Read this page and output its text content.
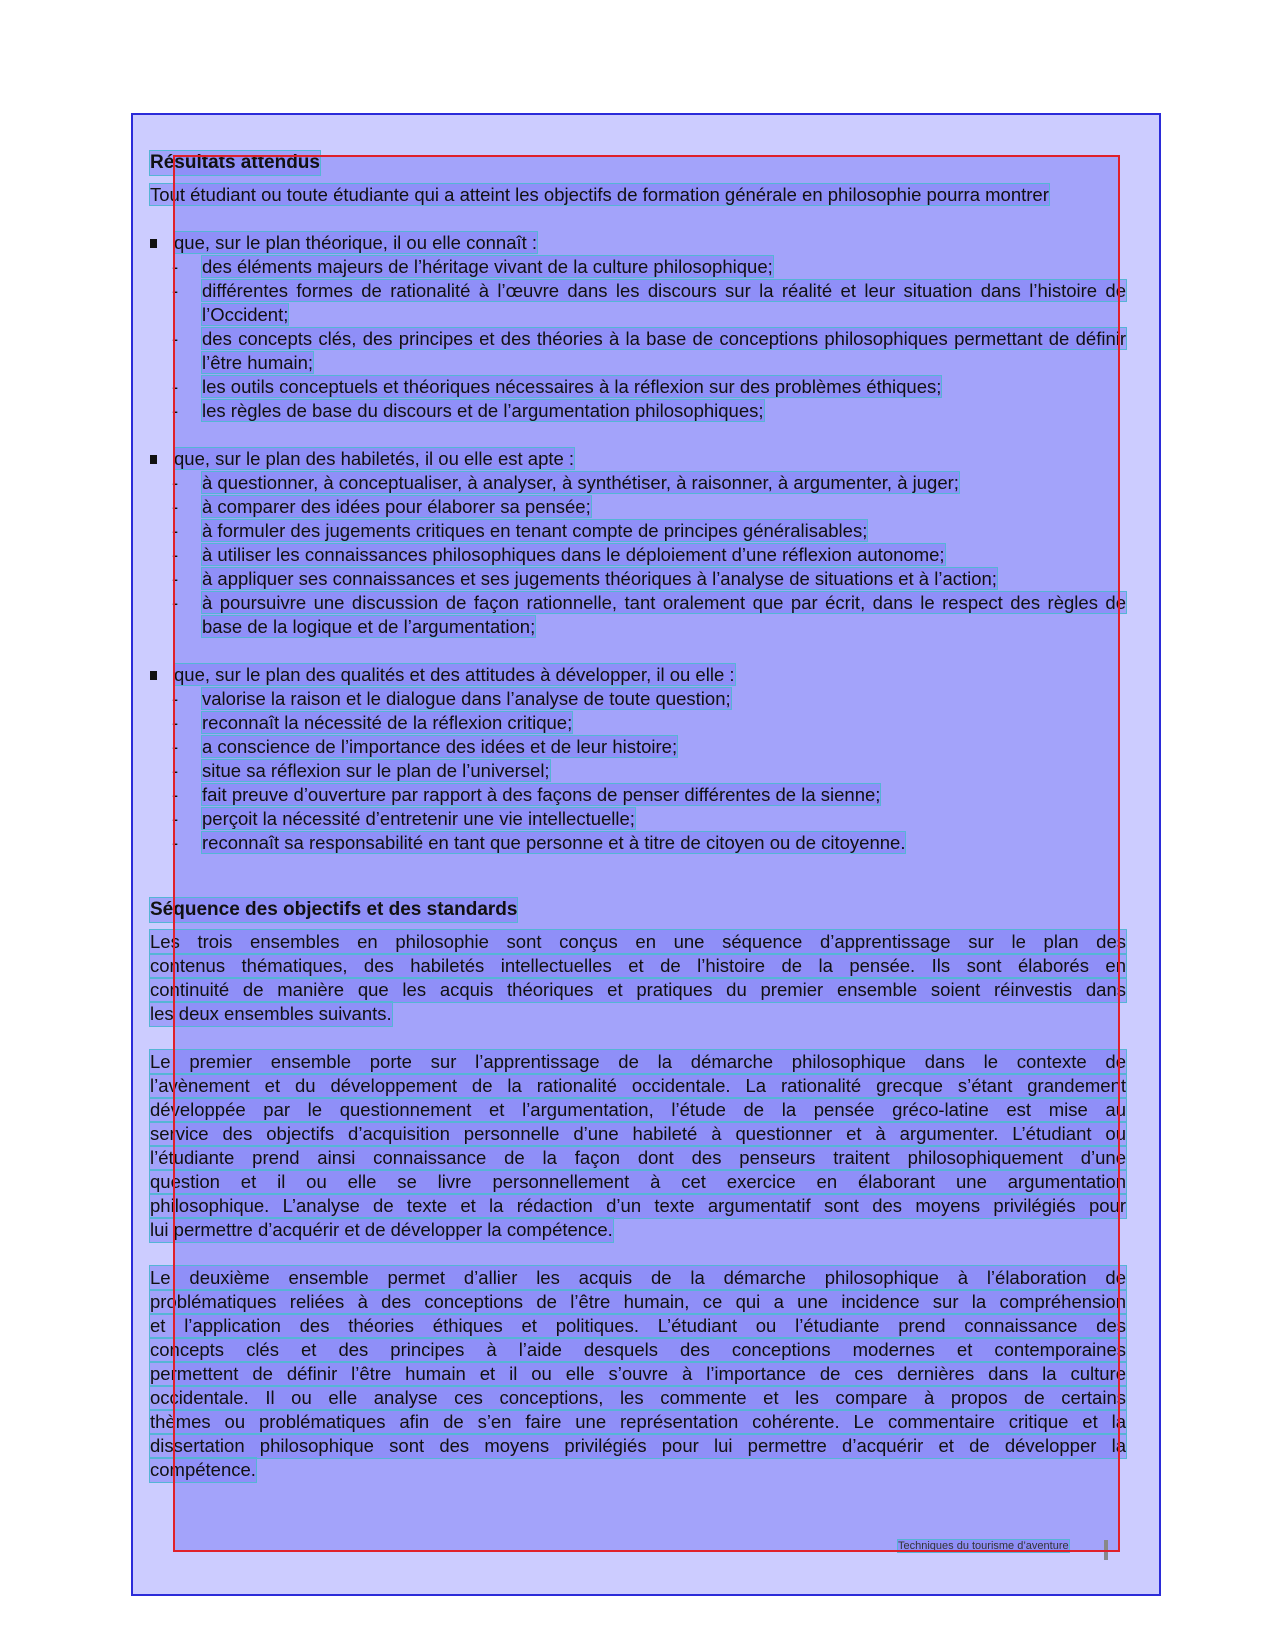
Résultats attendus

Tout étudiant ou toute étudiante qui a atteint les objectifs de formation générale en philosophie pourra montrer

que, sur le plan théorique, il ou elle connaît :

- des éléments majeurs de l’héritage vivant de la culture philosophique;
- différentes formes de rationalité à l’œuvre dans les discours sur la réalité et leur situation dans l’histoire de l’Occident;
- des concepts clés, des principes et des théories à la base de conceptions philosophiques permettant de définir l’être humain;
- les outils conceptuels et théoriques nécessaires à la réflexion sur des problèmes éthiques;
- les règles de base du discours et de l’argumentation philosophiques;

que, sur le plan des habiletés, il ou elle est apte :

- à questionner, à conceptualiser, à analyser, à synthétiser, à raisonner, à argumenter, à juger;
- à comparer des idées pour élaborer sa pensée;
- à formuler des jugements critiques en tenant compte de principes généralisables;
- à utiliser les connaissances philosophiques dans le déploiement d’une réflexion autonome;
- à appliquer ses connaissances et ses jugements théoriques à l’analyse de situations et à l’action;
- à poursuivre une discussion de façon rationnelle, tant oralement que par écrit, dans le respect des règles de base de la logique et de l’argumentation;

que, sur le plan des qualités et des attitudes à développer, il ou elle :

- valorise la raison et le dialogue dans l’analyse de toute question;
- reconnaît la nécessité de la réflexion critique;
- a conscience de l’importance des idées et de leur histoire;
- situe sa réflexion sur le plan de l’universel;
- fait preuve d’ouverture par rapport à des façons de penser différentes de la sienne;
- perçoit la nécessité d’entretenir une vie intellectuelle;
- reconnaît sa responsabilité en tant que personne et à titre de citoyen ou de citoyenne.
Séquence des objectifs et des standards

Les trois ensembles en philosophie sont conçus en une séquence d’apprentissage sur le plan des
contenus thématiques, des habiletés intellectuelles et de l’histoire de la pensée. Ils sont élaborés en
continuité de manière que les acquis théoriques et pratiques du premier ensemble soient réinvestis dans
les deux ensembles suivants.

Le premier ensemble porte sur l’apprentissage de la démarche philosophique dans le contexte de
l’avènement et du développement de la rationalité occidentale. La rationalité grecque s’étant grandement
développée par le questionnement et l’argumentation, l’étude de la pensée gréco-latine est mise au
service des objectifs d’acquisition personnelle d’une habileté à questionner et à argumenter. L’étudiant ou
l’étudiante prend ainsi connaissance de la façon dont des penseurs traitent philosophiquement d’une
question et il ou elle se livre personnellement à cet exercice en élaborant une argumentation
philosophique. L’analyse de texte et la rédaction d’un texte argumentatif sont des moyens privilégiés pour
lui permettre d’acquérir et de développer la compétence.

Le deuxième ensemble permet d’allier les acquis de la démarche philosophique à l’élaboration de
problématiques reliées à des conceptions de l’être humain, ce qui a une incidence sur la compréhension
et l’application des théories éthiques et politiques. L’étudiant ou l’étudiante prend connaissance des
concepts clés et des principes à l’aide desquels des conceptions modernes et contemporaines
permettent de définir l’être humain et il ou elle s’ouvre à l’importance de ces dernières dans la culture
occidentale. Il ou elle analyse ces conceptions, les commente et les compare à propos de certains
thèmes ou problématiques afin de s’en faire une représentation cohérente. Le commentaire critique et la
dissertation philosophique sont des moyens privilégiés pour lui permettre d’acquérir et de développer la
compétence.

Techniques du tourisme d’aventure
